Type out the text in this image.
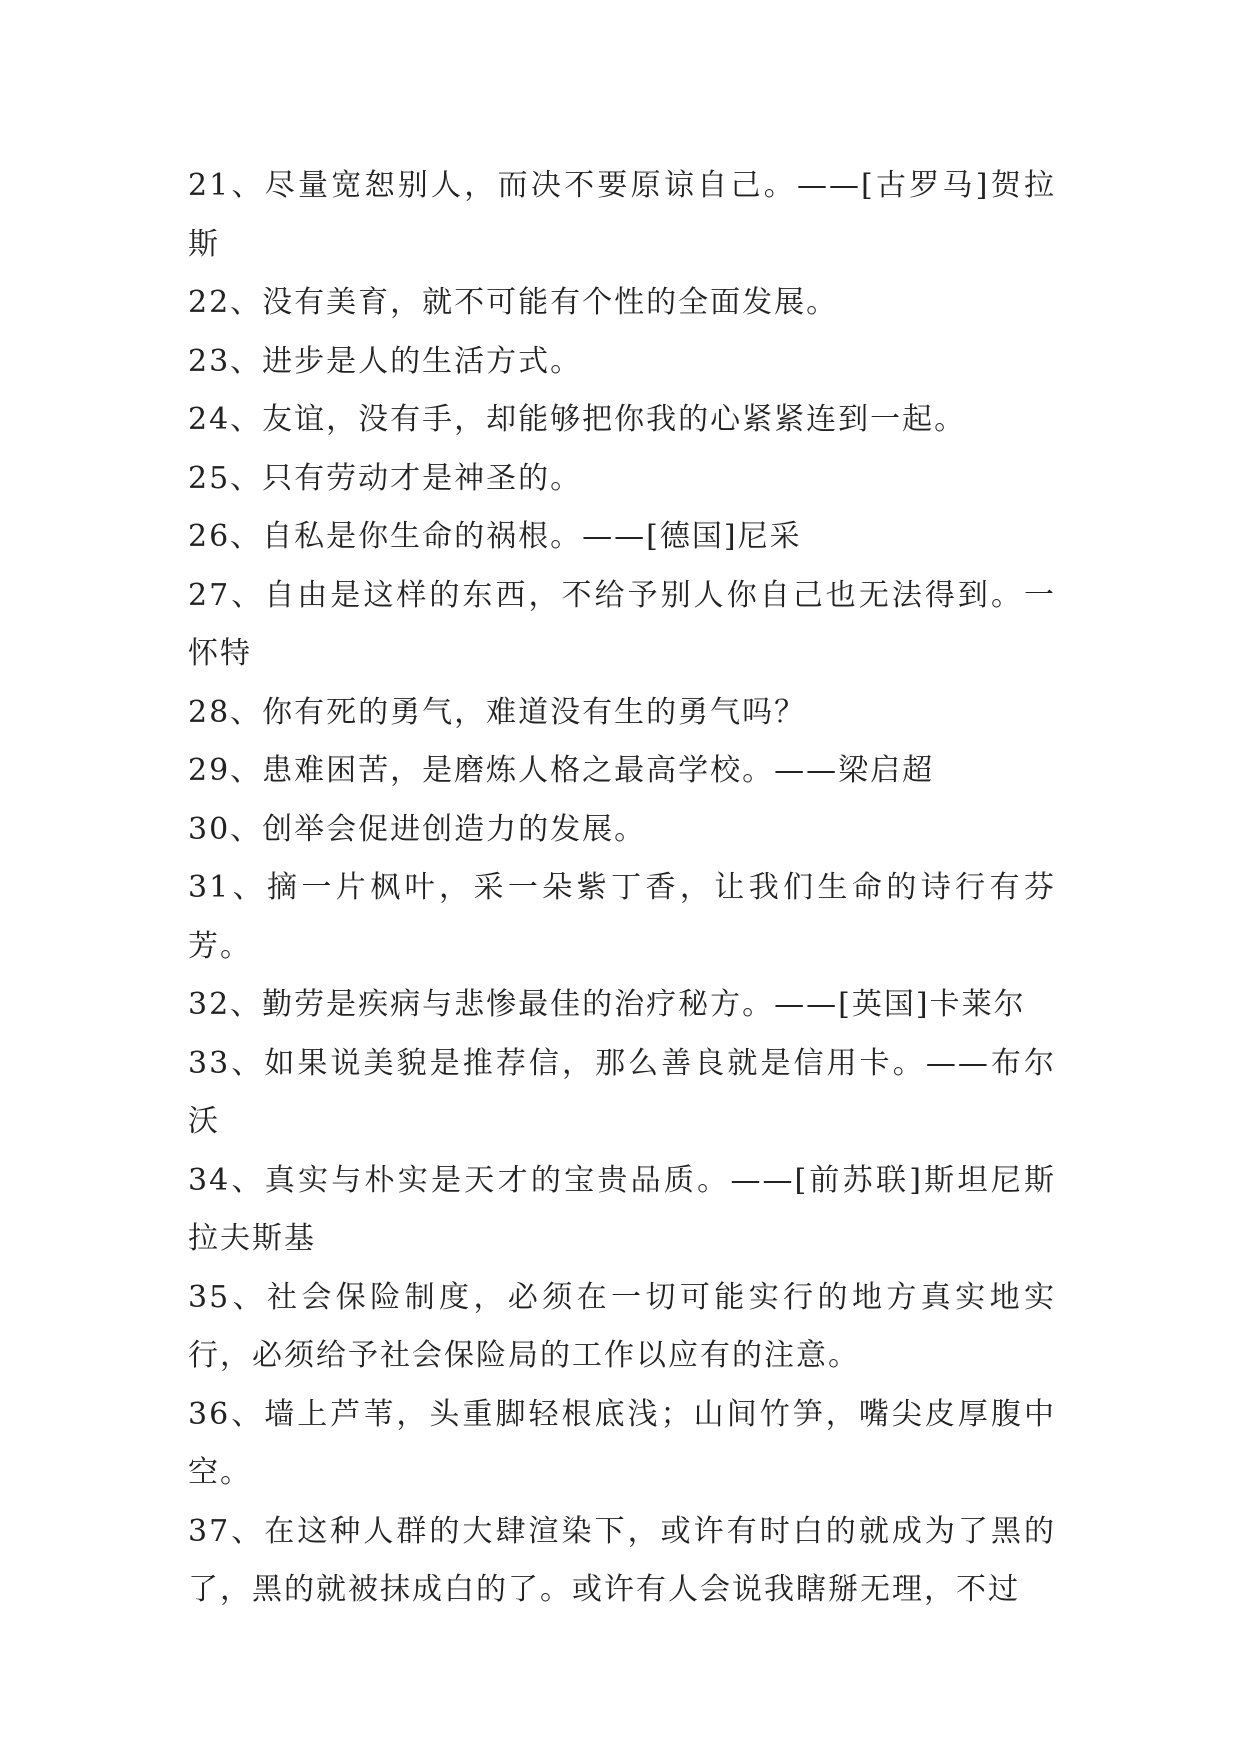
21、尽量宽恕别人，而决不要原谅自己。——[古罗马]贺拉斯

22、没有美育，就不可能有个性的全面发展。

23、进步是人的生活方式。

24、友谊，没有手，却能够把你我的心紧紧连到一起。

25、只有劳动才是神圣的。

26、自私是你生命的祸根。——[德国]尼采

27、自由是这样的东西，不给予别人你自己也无法得到。一怀特

28、你有死的勇气，难道没有生的勇气吗？

29、患难困苦，是磨炼人格之最高学校。——梁启超

30、创举会促进创造力的发展。

31、摘一片枫叶，采一朵紫丁香，让我们生命的诗行有芬芳。

32、勤劳是疾病与悲惨最佳的治疗秘方。——[英国]卡莱尔

33、如果说美貌是推荐信，那么善良就是信用卡。——布尔沃

34、真实与朴实是天才的宝贵品质。——[前苏联]斯坦尼斯拉夫斯基

35、社会保险制度，必须在一切可能实行的地方真实地实行，必须给予社会保险局的工作以应有的注意。

36、墙上芦苇，头重脚轻根底浅；山间竹笋，嘴尖皮厚腹中空。

37、在这种人群的大肆渲染下，或许有时白的就成为了黑的了，黑的就被抹成白的了。或许有人会说我瞎掰无理，不过
